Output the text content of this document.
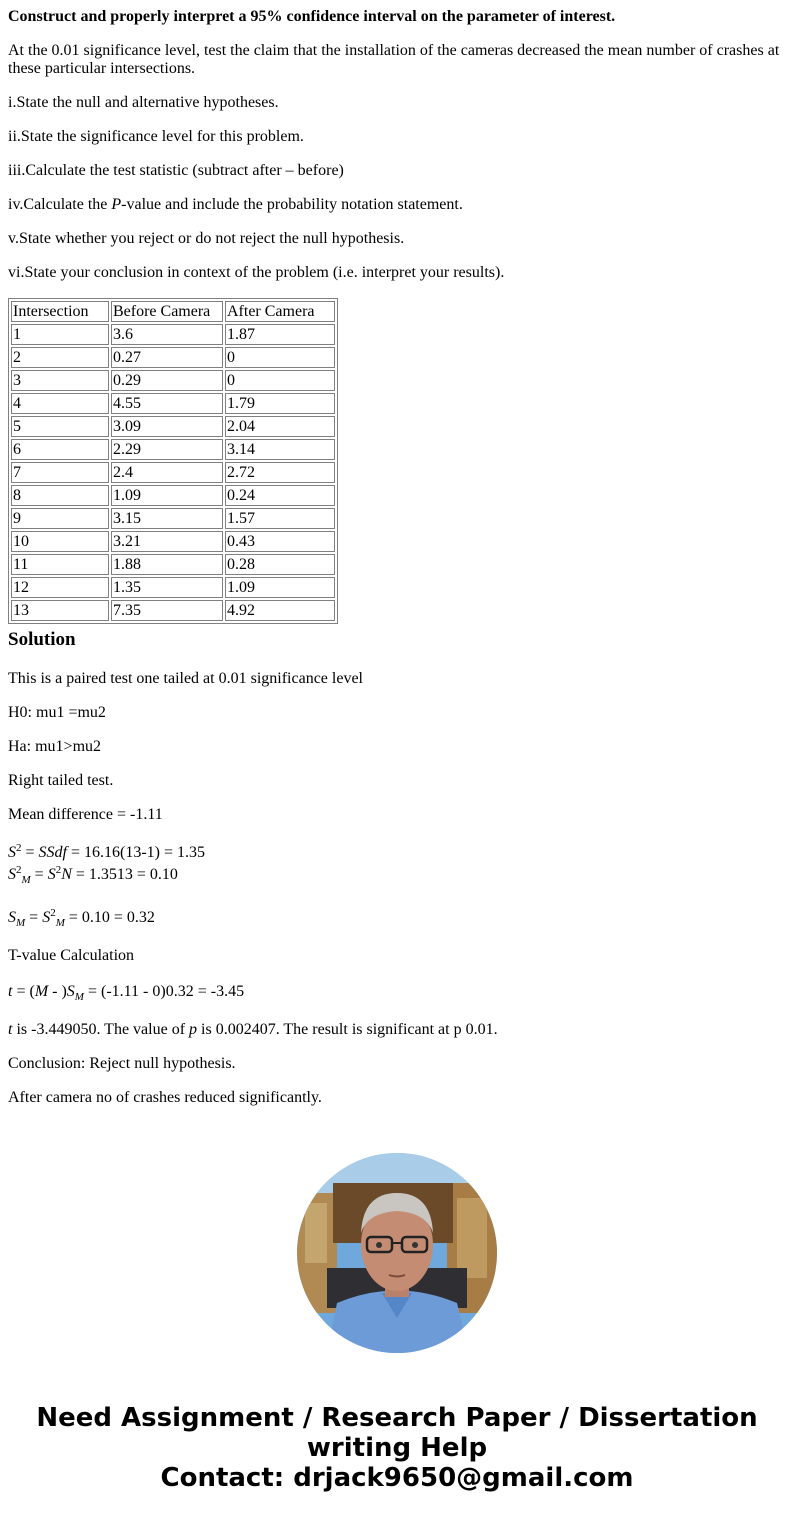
Construct and properly interpret a 95% confidence interval on the parameter of interest.

At the 0.01 significance level, test the claim that the installation of the cameras decreased the mean number of crashes at these particular intersections.

i.State the null and alternative hypotheses.

ii.State the significance level for this problem.

iii.Calculate the test statistic (subtract after – before)

iv.Calculate the P-value and include the probability notation statement.

v.State whether you reject or do not reject the null hypothesis.

vi.State your conclusion in context of the problem (i.e. interpret your results).

Intersection	Before Camera	After Camera
1	3.6	1.87
2	0.27	0
3	0.29	0
4	4.55	1.79
5	3.09	2.04
6	2.29	3.14
7	2.4	2.72
8	1.09	0.24
9	3.15	1.57
10	3.21	0.43
11	1.88	0.28
12	1.35	1.09
13	7.35	4.92
Solution

This is a paired test one tailed at 0.01 significance level

H0: mu1 =mu2

Ha: mu1>mu2

Right tailed test.

Mean difference = -1.11

$S^2$ = SSdf = 16.16(13-1) = 1.35

$S^2_M = S^2N = 1.3513 = 0.10$

$S_M = S^2_M = 0.10 = 0.32$

T-value Calculation

$t = (M - )S_M = (-1.11 - 0)0.32 = -3.45$

t is -3.449050. The value of p is 0.002407. The result is significant at p 0.01.

Conclusion: Reject null hypothesis.

After camera no of crashes reduced significantly.

Need Assignment / Research Paper / Dissertation
writing Help
Contact: drjack9650@gmail.com
